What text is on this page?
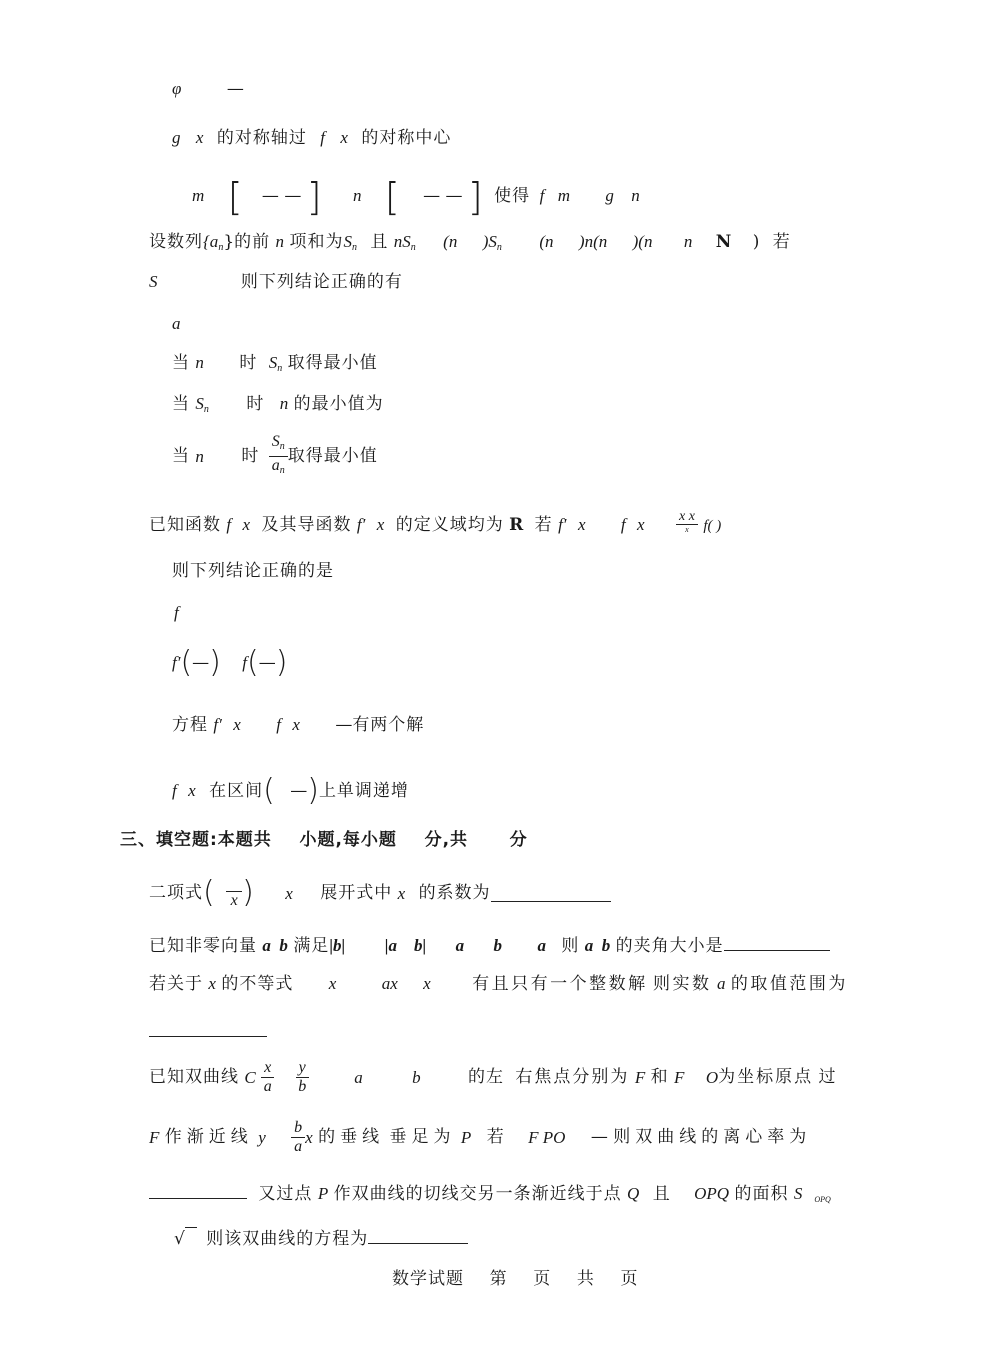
φ	—
g x 的对称轴过 f x 的对称中心
m [ — — ] n [ — — ] 使得 f m g n
设数列$\{a_n\}$的前 n 项和为$S_n$ 且 $nS_n$ (n )$S_n$ (n )n(n )(n n N ) 若
S	则下列结论正确的有
a
当 n 时 $S_n$ 取得最小值
当 $S_n$ 时 n 的最小值为
当 n 时 $\frac{S_n}{a_n}$ 取得最小值
已知函数 f x 及其导函数 f′ x 的定义域均为 R 若 f′ x f x $\frac{\text{x x}}{x} f$( )
则下列结论正确的是
f
f′(—) f(—)
方程 f′ x f x —有两个解
f x 在区间( —)上单调递增
三、填空题:本题共    小题,每小题    分,共      分
二项式( x ) x 展开式中 x 的系数为
已知非零向量 a  b 满足|b| |a    b| a b a 则 a  b 的夹角大小是
若关于 x 的不等式 x	ax x 有且只有一个整数解 则实数 a 的取值范围为
已知双曲线 C $\frac{x}{a}$
$\frac{y}{b}$	a	b	的左 右焦点分别为 F 和 F O为坐标原点 过
F 作渐近线 y $\frac{b}{a}$ x 的垂线 垂足为 P 若 F PO — 则双曲线的离心率为
又过点 P 作双曲线的切线交另一条渐近线于点 Q 且 OPQ 的面积 S $_{OPQ}$
√ 则该双曲线的方程为
数学试题    第    页    共    页
